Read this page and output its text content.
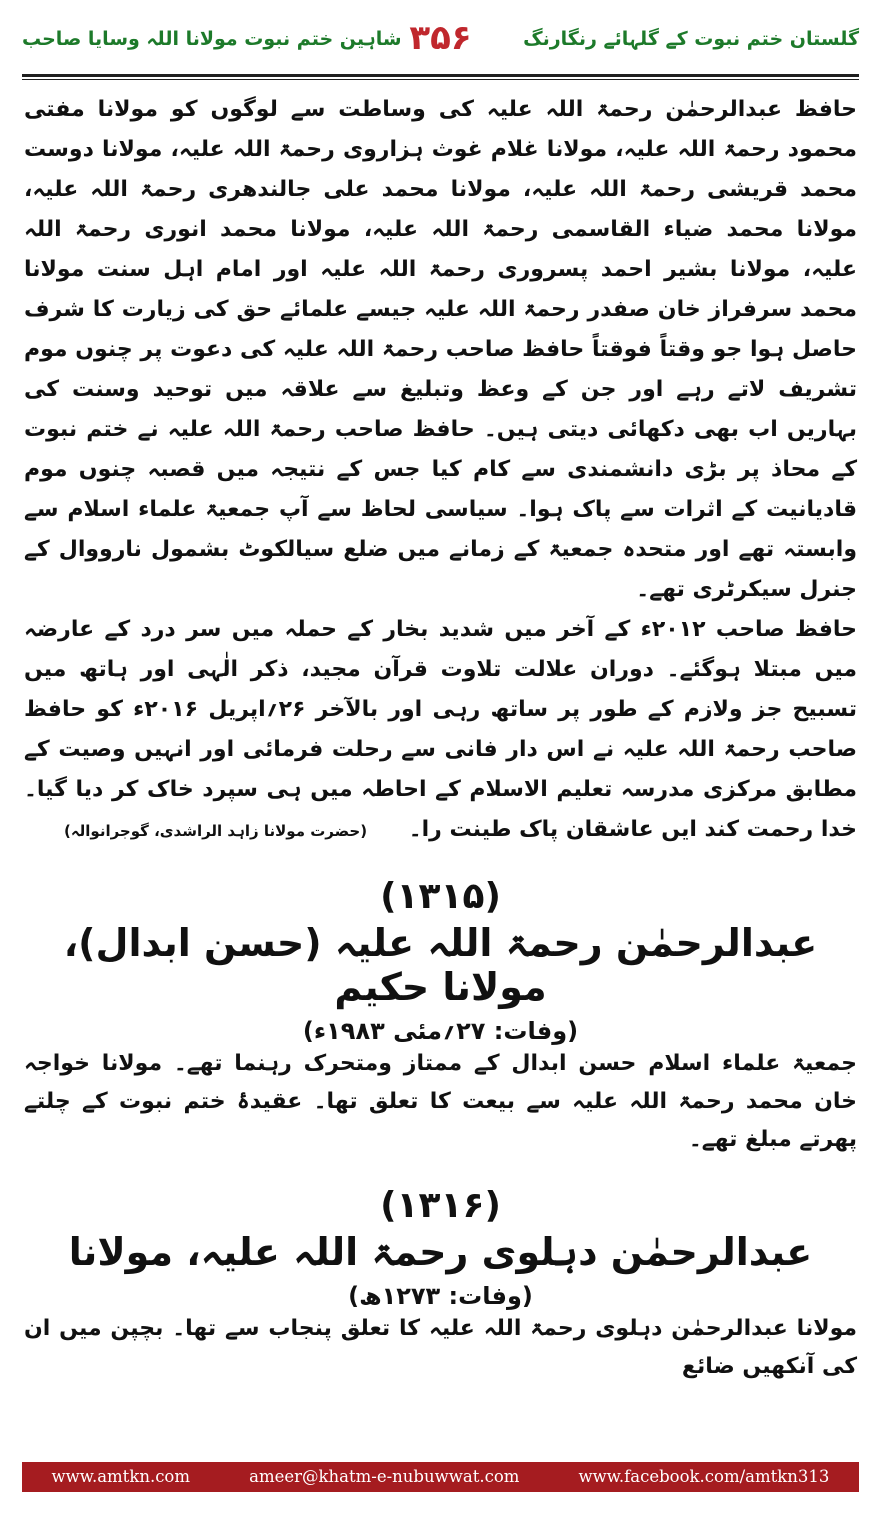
گلستان ختم نبوت کے گلہائے رنگارنگ
۳۵۶
شاہین ختم نبوت مولانا اللہ وسایا صاحب

حافظ عبدالرحمٰن رحمۃ اللہ علیہ کی وساطت سے لوگوں کو مولانا مفتی محمود رحمۃ اللہ علیہ، مولانا غلام غوث ہزاروی رحمۃ اللہ علیہ، مولانا دوست محمد قریشی رحمۃ اللہ علیہ، مولانا محمد علی جالندھری رحمۃ اللہ علیہ، مولانا محمد ضیاء القاسمی رحمۃ اللہ علیہ، مولانا محمد انوری رحمۃ اللہ علیہ، مولانا بشیر احمد پسروری رحمۃ اللہ علیہ اور امام اہل سنت مولانا محمد سرفراز خان صفدر رحمۃ اللہ علیہ جیسے علمائے حق کی زیارت کا شرف حاصل ہوا جو وقتاً فوقتاً حافظ صاحب رحمۃ اللہ علیہ کی دعوت پر چنوں موم تشریف لاتے رہے اور جن کے وعظ وتبلیغ سے علاقہ میں توحید وسنت کی بہاریں اب بھی دکھائی دیتی ہیں۔ حافظ صاحب رحمۃ اللہ علیہ نے ختم نبوت کے محاذ پر بڑی دانشمندی سے کام کیا جس کے نتیجہ میں قصبہ چنوں موم قادیانیت کے اثرات سے پاک ہوا۔ سیاسی لحاظ سے آپ جمعیۃ علماء اسلام سے وابستہ تھے اور متحدہ جمعیۃ کے زمانے میں ضلع سیالکوٹ بشمول نارووال کے جنرل سیکرٹری تھے۔

حافظ صاحب ۲۰۱۲ء کے آخر میں شدید بخار کے حملہ میں سر درد کے عارضہ میں مبتلا ہوگئے۔ دوران علالت تلاوت قرآن مجید، ذکر الٰہی اور ہاتھ میں تسبیح جز ولازم کے طور پر ساتھ رہی اور بالآخر ۲۶؍اپریل ۲۰۱۶ء کو حافظ صاحب رحمۃ اللہ علیہ نے اس دار فانی سے رحلت فرمائی اور انہیں وصیت کے مطابق مرکزی مدرسہ تعلیم الاسلام کے احاطہ میں ہی سپرد خاک کر دیا گیا۔ خدا رحمت کند ایں عاشقان پاک طینت را۔

(حضرت مولانا زاہد الراشدی، گوجرانوالہ)

(۱۳۱۵)

عبدالرحمٰن رحمۃ اللہ علیہ (حسن ابدال)، مولانا حکیم

(وفات: ۲۷؍مئی ۱۹۸۳ء)

جمعیۃ علماء اسلام حسن ابدال کے ممتاز ومتحرک رہنما تھے۔ مولانا خواجہ خان محمد رحمۃ اللہ علیہ سے بیعت کا تعلق تھا۔ عقیدۂ ختم نبوت کے چلتے پھرتے مبلغ تھے۔

(۱۳۱۶)

عبدالرحمٰن دہلوی رحمۃ اللہ علیہ، مولانا

(وفات: ۱۲۷۳ھ)

مولانا عبدالرحمٰن دہلوی رحمۃ اللہ علیہ کا تعلق پنجاب سے تھا۔ بچپن میں ان کی آنکھیں ضائع

www.amtkn.com	ameer@khatm-e-nubuwwat.com	www.facebook.com/amtkn313
